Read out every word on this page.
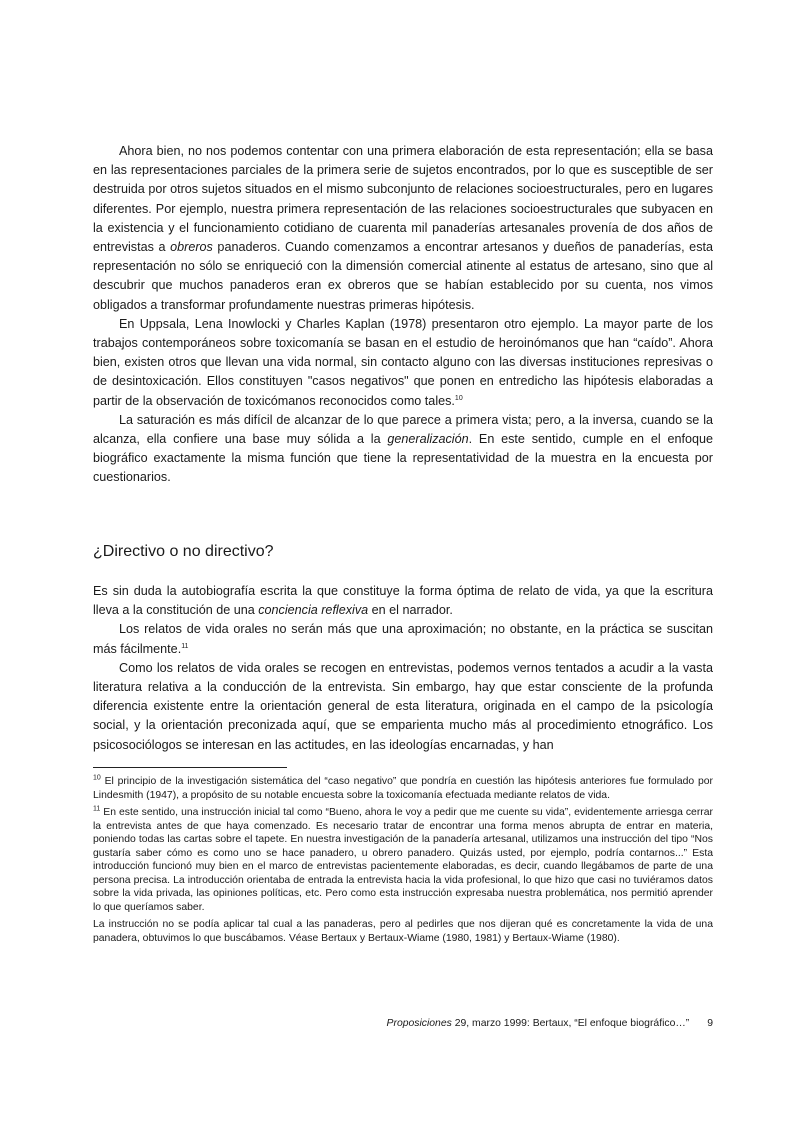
Ahora bien, no nos podemos contentar con una primera elaboración de esta representación; ella se basa en las representaciones parciales de la primera serie de sujetos encontrados, por lo que es susceptible de ser destruida por otros sujetos situados en el mismo subconjunto de relaciones socioestructurales, pero en lugares diferentes. Por ejemplo, nuestra primera representación de las relaciones socioestructurales que subyacen en la existencia y el funcionamiento cotidiano de cuarenta mil panaderías artesanales provenía de dos años de entrevistas a obreros panaderos. Cuando comenzamos a encontrar artesanos y dueños de panaderías, esta representación no sólo se enriqueció con la dimensión comercial atinente al estatus de artesano, sino que al descubrir que muchos panaderos eran ex obreros que se habían establecido por su cuenta, nos vimos obligados a transformar profundamente nuestras primeras hipótesis.

En Uppsala, Lena Inowlocki y Charles Kaplan (1978) presentaron otro ejemplo. La mayor parte de los trabajos contemporáneos sobre toxicomanía se basan en el estudio de heroinómanos que han “caído”. Ahora bien, existen otros que llevan una vida normal, sin contacto alguno con las diversas instituciones represivas o de desintoxicación. Ellos constituyen "casos negativos" que ponen en entredicho las hipótesis elaboradas a partir de la observación de toxicómanos reconocidos como tales.$^{10}$

La saturación es más difícil de alcanzar de lo que parece a primera vista; pero, a la inversa, cuando se la alcanza, ella confiere una base muy sólida a la generalización. En este sentido, cumple en el enfoque biográfico exactamente la misma función que tiene la representatividad de la muestra en la encuesta por cuestionarios.

¿Directivo o no directivo?

Es sin duda la autobiografía escrita la que constituye la forma óptima de relato de vida, ya que la escritura lleva a la constitución de una conciencia reflexiva en el narrador.

Los relatos de vida orales no serán más que una aproximación; no obstante, en la práctica se suscitan más fácilmente.$^{11}$

Como los relatos de vida orales se recogen en entrevistas, podemos vernos tentados a acudir a la vasta literatura relativa a la conducción de la entrevista. Sin embargo, hay que estar consciente de la profunda diferencia existente entre la orientación general de esta literatura, originada en el campo de la psicología social, y la orientación preconizada aquí, que se emparienta mucho más al procedimiento etnográfico. Los psicosociólogos se interesan en las actitudes, en las ideologías encarnadas, y han

$^{10}$ El principio de la investigación sistemática del “caso negativo” que pondría en cuestión las hipótesis anteriores fue formulado por Lindesmith (1947), a propósito de su notable encuesta sobre la toxicomanía efectuada mediante relatos de vida.

$^{11}$ En este sentido, una instrucción inicial tal como “Bueno, ahora le voy a pedir que me cuente su vida”, evidentemente arriesga cerrar la entrevista antes de que haya comenzado. Es necesario tratar de encontrar una forma menos abrupta de entrar en materia, poniendo todas las cartas sobre el tapete. En nuestra investigación de la panadería artesanal, utilizamos una instrucción del tipo “Nos gustaría saber cómo es como uno se hace panadero, u obrero panadero. Quizás usted, por ejemplo, podría contarnos...” Esta introducción funcionó muy bien en el marco de entrevistas pacientemente elaboradas, es decir, cuando llegábamos de parte de una persona precisa. La introducción orientaba de entrada la entrevista hacia la vida profesional, lo que hizo que casi no tuviéramos datos sobre la vida privada, las opiniones políticas, etc. Pero como esta instrucción expresaba nuestra problemática, nos permitió aprender lo que queríamos saber.

La instrucción no se podía aplicar tal cual a las panaderas, pero al pedirles que nos dijeran qué es concretamente la vida de una panadera, obtuvimos lo que buscábamos. Véase Bertaux y Bertaux-Wiame (1980, 1981) y Bertaux-Wiame (1980).

Proposiciones 29, marzo 1999: Bertaux, “El enfoque biográfico…” 9
